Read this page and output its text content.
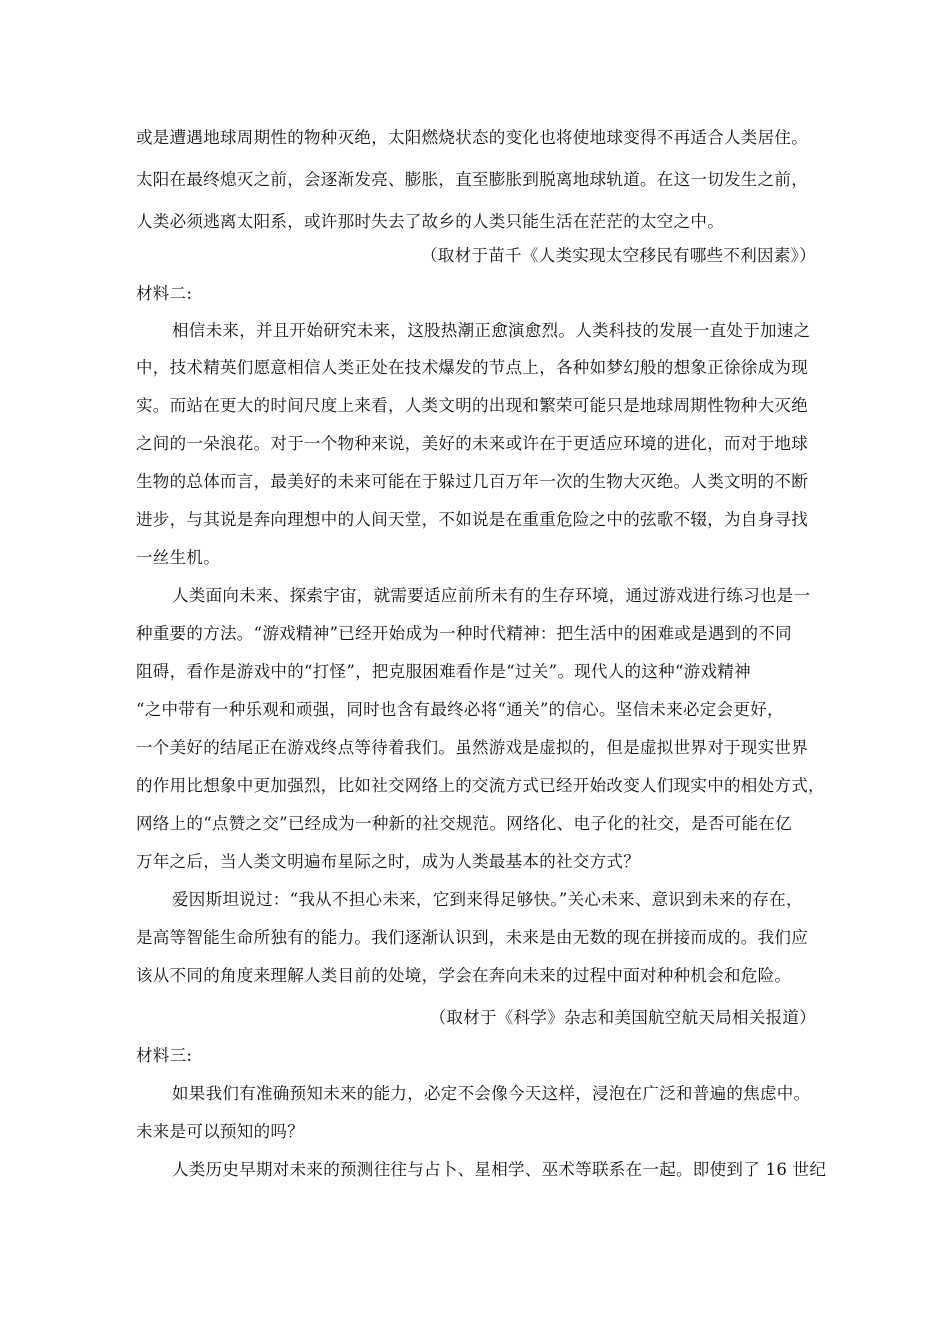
或是遭遇地球周期性的物种灭绝，太阳燃烧状态的变化也将使地球变得不再适合人类居住。
太阳在最终熄灭之前，会逐渐发亮、膨胀，直至膨胀到脱离地球轨道。在这一切发生之前，
人类必须逃离太阳系，或许那时失去了故乡的人类只能生活在茫茫的太空之中。
（取材于苗千《人类实现太空移民有哪些不利因素》）
材料二:
相信未来，并且开始研究未来，这股热潮正愈演愈烈。人类科技的发展一直处于加速之
中，技术精英们愿意相信人类正处在技术爆发的节点上，各种如梦幻般的想象正徐徐成为现
实。而站在更大的时间尺度上来看，人类文明的出现和繁荣可能只是地球周期性物种大灭绝
之间的一朵浪花。对于一个物种来说，美好的未来或许在于更适应环境的进化，而对于地球
生物的总体而言，最美好的未来可能在于躲过几百万年一次的生物大灭绝。人类文明的不断
进步，与其说是奔向理想中的人间天堂，不如说是在重重危险之中的弦歌不辍，为自身寻找
一丝生机。
人类面向未来、探索宇宙，就需要适应前所未有的生存环境，通过游戏进行练习也是一
种重要的方法。“游戏精神”已经开始成为一种时代精神：把生活中的困难或是遇到的不同
阻碍，看作是游戏中的“打怪”，把克服困难看作是“过关”。现代人的这种“游戏精神
“之中带有一种乐观和顽强，同时也含有最终必将“通关”的信心。坚信未来必定会更好，
一个美好的结尾正在游戏终点等待着我们。虽然游戏是虚拟的，但是虚拟世界对于现实世界
的作用比想象中更加强烈，比如社交网络上的交流方式已经开始改变人们现实中的相处方式，
网络上的“点赞之交”已经成为一种新的社交规范。网络化、电子化的社交，是否可能在亿
万年之后，当人类文明遍布星际之时，成为人类最基本的社交方式？
爱因斯坦说过：“我从不担心未来，它到来得足够快。”关心未来、意识到未来的存在，
是高等智能生命所独有的能力。我们逐渐认识到，未来是由无数的现在拼接而成的。我们应
该从不同的角度来理解人类目前的处境，学会在奔向未来的过程中面对种种机会和危险。
（取材于《科学》杂志和美国航空航天局相关报道）
材料三:
如果我们有准确预知未来的能力，必定不会像今天这样，浸泡在广泛和普遍的焦虑中。
未来是可以预知的吗？
人类历史早期对未来的预测往往与占卜、星相学、巫术等联系在一起。即使到了 16 世纪
